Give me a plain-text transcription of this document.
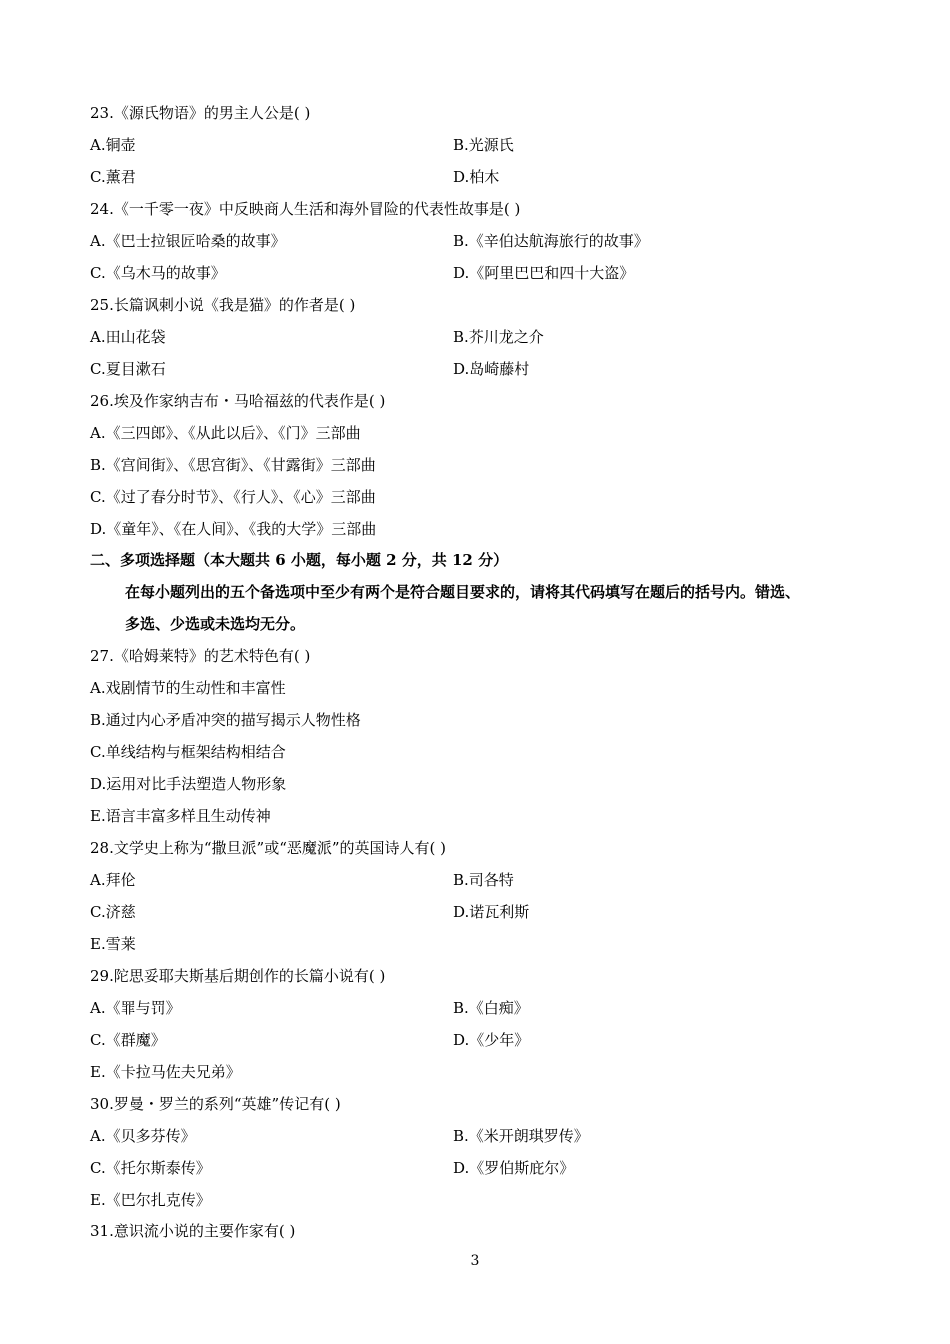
23.《源氏物语》的男主人公是( )
A.铜壶	B.光源氏
C.薰君	D.柏木
24.《一千零一夜》中反映商人生活和海外冒险的代表性故事是( )
A.《巴士拉银匠哈桑的故事》	B.《辛伯达航海旅行的故事》
C.《乌木马的故事》	D.《阿里巴巴和四十大盗》
25.长篇讽刺小说《我是猫》的作者是( )
A.田山花袋	B.芥川龙之介
C.夏目漱石	D.岛崎藤村
26.埃及作家纳吉布・马哈福兹的代表作是( )
A.《三四郎》、《从此以后》、《门》三部曲
B.《宫间街》、《思宫街》、《甘露街》三部曲
C.《过了春分时节》、《行人》、《心》三部曲
D.《童年》、《在人间》、《我的大学》三部曲
二、多项选择题（本大题共 6 小题，每小题 2 分，共 12 分）
在每小题列出的五个备选项中至少有两个是符合题目要求的，请将其代码填写在题后的括号内。错选、
多选、少选或未选均无分。
27.《哈姆莱特》的艺术特色有( )
A.戏剧情节的生动性和丰富性
B.通过内心矛盾冲突的描写揭示人物性格
C.单线结构与框架结构相结合
D.运用对比手法塑造人物形象
E.语言丰富多样且生动传神
28.文学史上称为“撒旦派”或“恶魔派”的英国诗人有( )
A.拜伦	B.司各特
C.济慈	D.诺瓦利斯
E.雪莱
29.陀思妥耶夫斯基后期创作的长篇小说有( )
A.《罪与罚》	B.《白痴》
C.《群魔》	D.《少年》
E.《卡拉马佐夫兄弟》
30.罗曼・罗兰的系列“英雄”传记有( )
A.《贝多芬传》	B.《米开朗琪罗传》
C.《托尔斯泰传》	D.《罗伯斯庇尔》
E.《巴尔扎克传》
31.意识流小说的主要作家有( )
3
